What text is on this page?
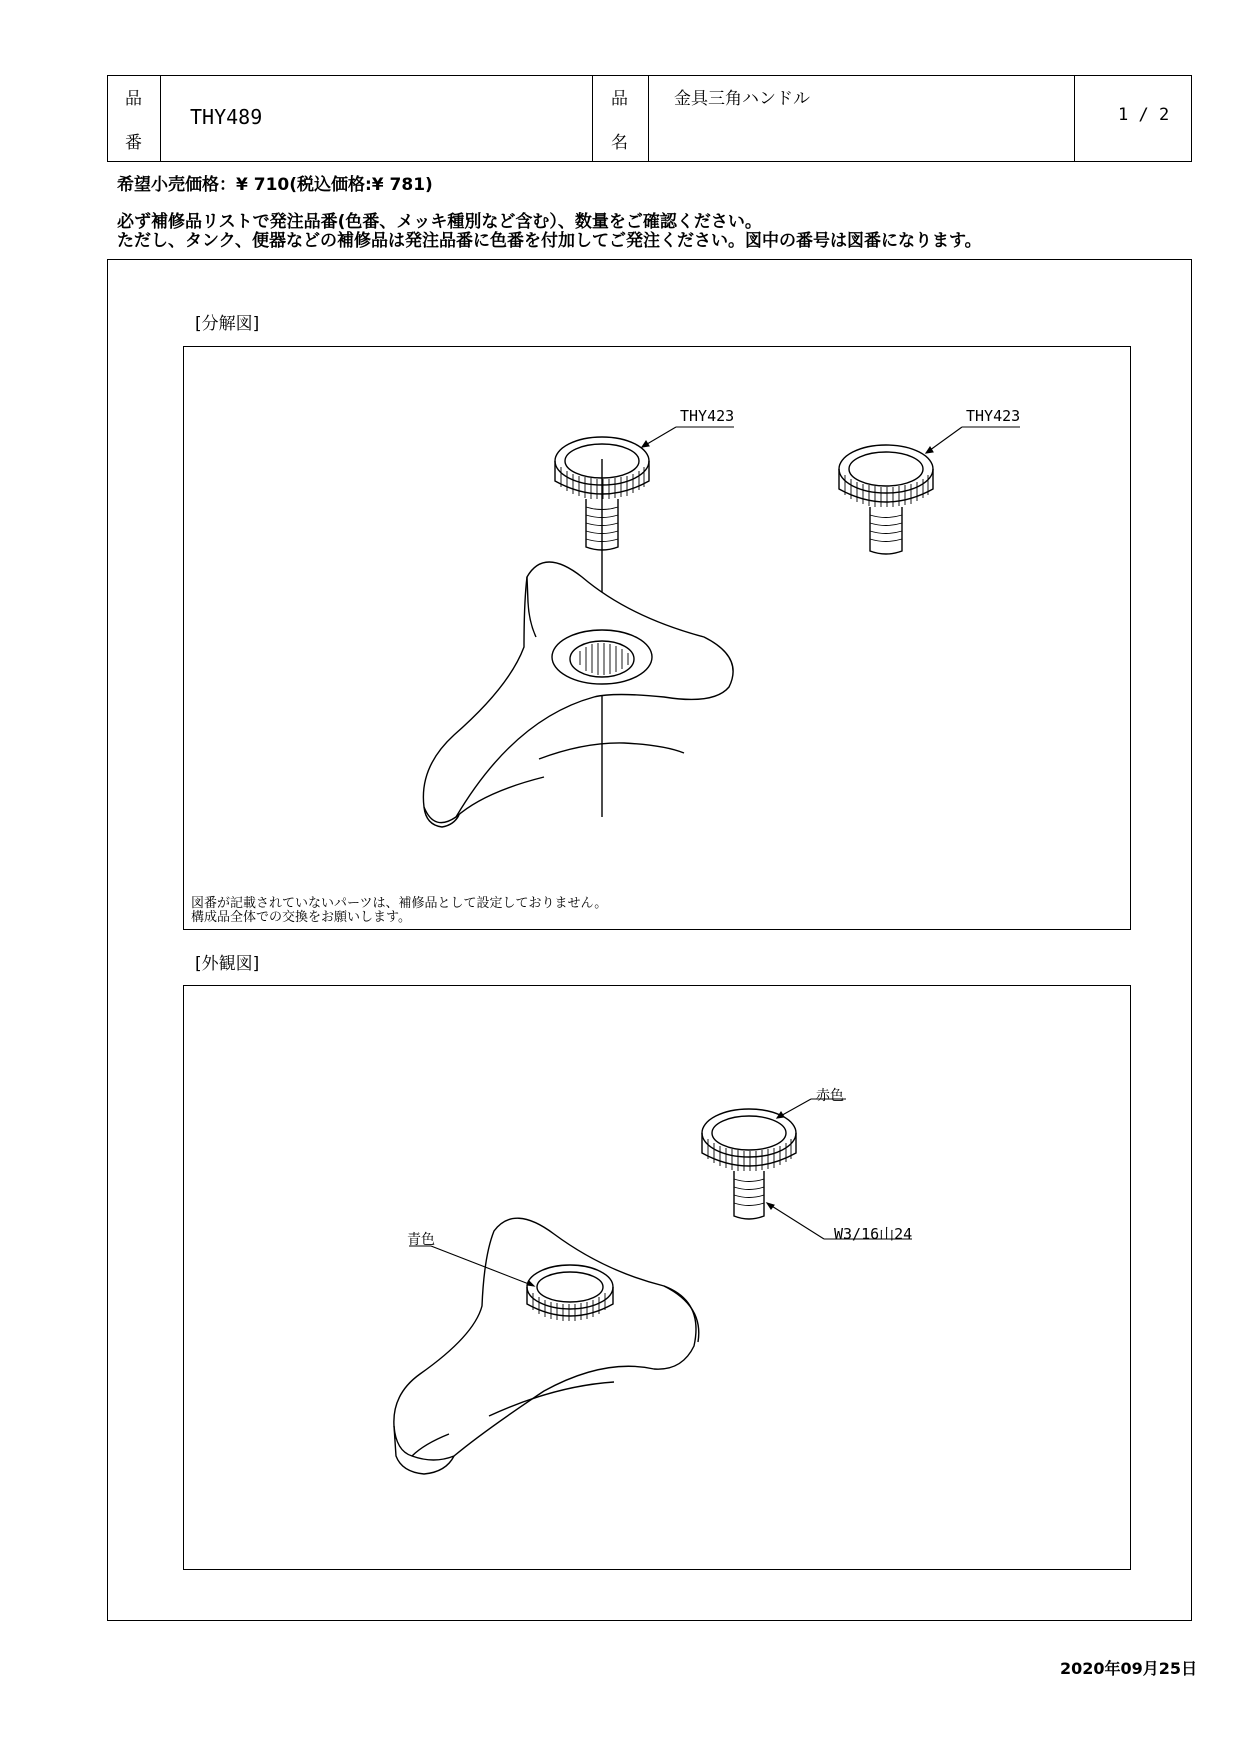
品
番
THY489
品
名
金具三角ハンドル
1 / 2
希望小売価格：¥ 710(税込価格:¥ 781)
必ず補修品リストで発注品番(色番、メッキ種別など含む）、数量をご確認ください。
ただし、タンク、便器などの補修品は発注品番に色番を付加してご発注ください。図中の番号は図番になります。
[分解図]
THY423	THY423
図番が記載されていないパーツは、補修品として設定しておりません。
構成品全体での交換をお願いします。
[外観図]
赤色
W3/16山24
青色
2020年09月25日
